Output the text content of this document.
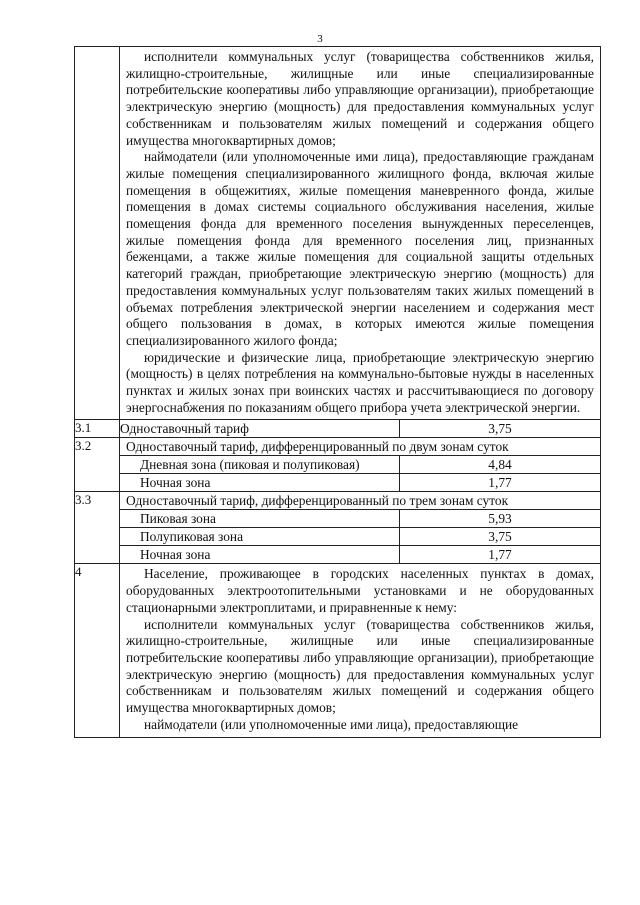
3

исполнители коммунальных услуг (товарищества собственников жилья, жилищно-строительные, жилищные или иные специализированные потребительские кооперативы либо управляющие организации), приобретающие электрическую энергию (мощность) для предоставления коммунальных услуг собственникам и пользователям жилых помещений и содержания общего имущества многоквартирных домов;

наймодатели (или уполномоченные ими лица), предоставляющие гражданам жилые помещения специализированного жилищного фонда, включая жилые помещения в общежитиях, жилые помещения маневренного фонда, жилые помещения в домах системы социального обслуживания населения, жилые помещения фонда для временного поселения вынужденных переселенцев, жилые помещения фонда для временного поселения лиц, признанных беженцами, а также жилые помещения для социальной защиты отдельных категорий граждан, приобретающие электрическую энергию (мощность) для предоставления коммунальных услуг пользователям таких жилых помещений в объемах потребления электрической энергии населением и содержания мест общего пользования в домах, в которых имеются жилые помещения специализированного жилого фонда;

юридические и физические лица, приобретающие электрическую энергию (мощность) в целях потребления на коммунально-бытовые нужды в населенных пунктах и жилых зонах при воинских частях и рассчитывающиеся по договору энергоснабжения по показаниям общего прибора учета электрической энергии.

3.1	Одноставочный тариф	3,75

3.2	Одноставочный тариф, дифференцированный по двум зонам суток
Дневная зона (пиковая и полупиковая)	4,84
Ночная зона	1,77

3.3	Одноставочный тариф, дифференцированный по трем зонам суток
Пиковая зона	5,93
Полупиковая зона	3,75
Ночная зона	1,77

4	Население, проживающее в городских населенных пунктах в домах, оборудованных электроотопительными установками и не оборудованных стационарными электроплитами, и приравненные к нему:

исполнители коммунальных услуг (товарищества собственников жилья, жилищно-строительные, жилищные или иные специализированные потребительские кооперативы либо управляющие организации), приобретающие электрическую энергию (мощность) для предоставления коммунальных услуг собственникам и пользователям жилых помещений и содержания общего имущества многоквартирных домов;

наймодатели (или уполномоченные ими лица), предоставляющие
